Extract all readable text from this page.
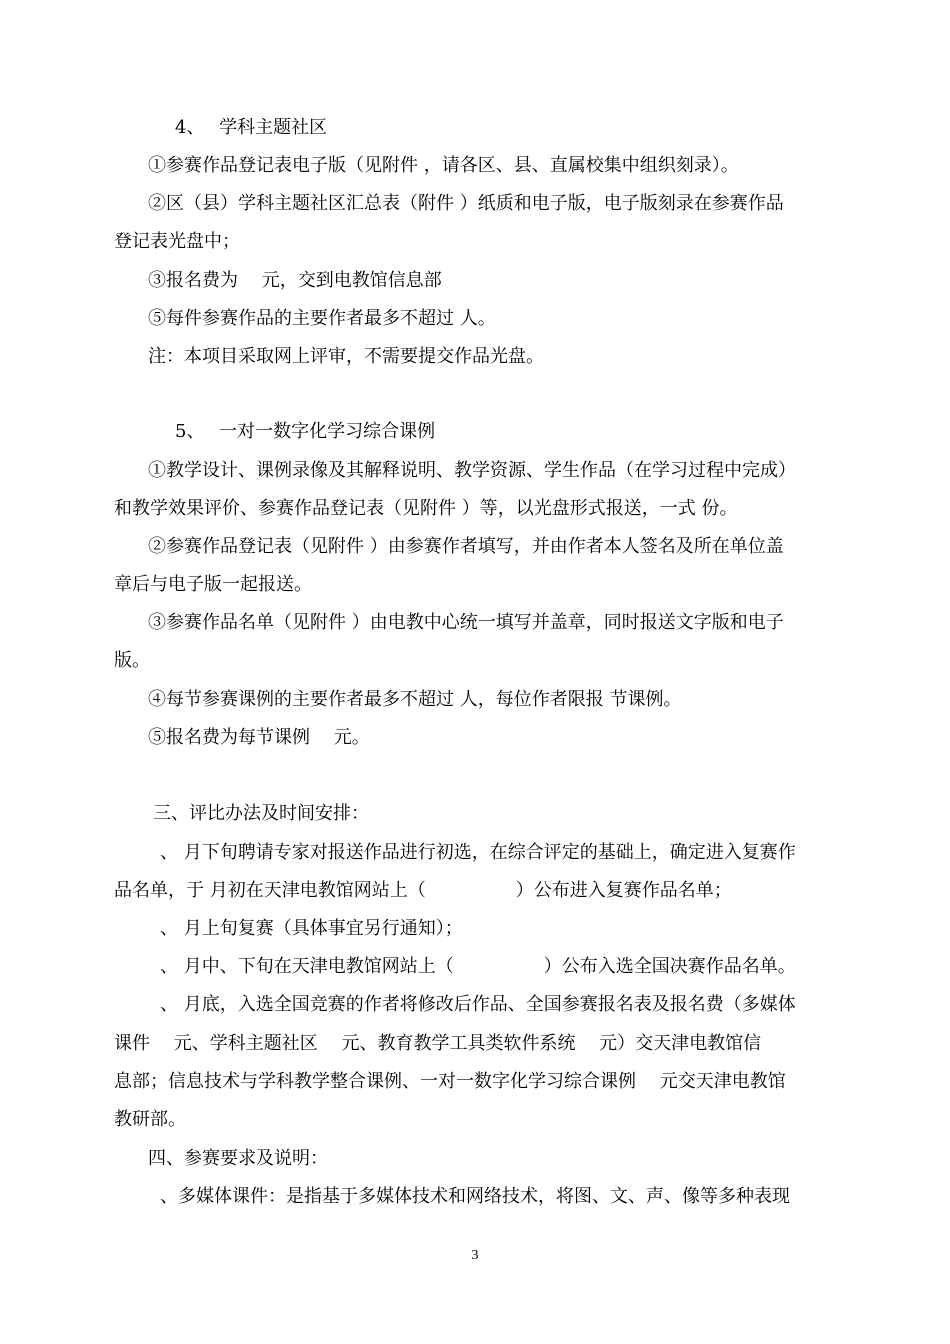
4、　 学科主题社区
①参赛作品登记表电子版（见附件 ，请各区、县、直属校集中组织刻录）。
②区（县）学科主题社区汇总表（附件 ）纸质和电子版，电子版刻录在参赛作品
登记表光盘中；
③报名费为　 元，交到电教馆信息部
⑤每件参赛作品的主要作者最多不超过 人。
注：本项目采取网上评审，不需要提交作品光盘。
5、　 一对一数字化学习综合课例
①教学设计、课例录像及其解释说明、教学资源、学生作品（在学习过程中完成）
和教学效果评价、参赛作品登记表（见附件 ）等，以光盘形式报送，一式 份。
②参赛作品登记表（见附件 ）由参赛作者填写，并由作者本人签名及所在单位盖
章后与电子版一起报送。
③参赛作品名单（见附件 ）由电教中心统一填写并盖章，同时报送文字版和电子
版。
④每节参赛课例的主要作者最多不超过 人，每位作者限报 节课例。
⑤报名费为每节课例　 元。
三、评比办法及时间安排：
、 月下旬聘请专家对报送作品进行初选，在综合评定的基础上，确定进入复赛作
品名单，于 月初在天津电教馆网站上（　　　　　）公布进入复赛作品名单；
、 月上旬复赛（具体事宜另行通知）；
、 月中、下旬在天津电教馆网站上（　　　　　）公布入选全国决赛作品名单。
、 月底，入选全国竞赛的作者将修改后作品、全国参赛报名表及报名费（多媒体
课件　 元、学科主题社区　 元、教育教学工具类软件系统　 元）交天津电教馆信
息部；信息技术与学科教学整合课例、一对一数字化学习综合课例　 元交天津电教馆
教研部。
四、参赛要求及说明：
、多媒体课件：是指基于多媒体技术和网络技术，将图、文、声、像等多种表现
3
